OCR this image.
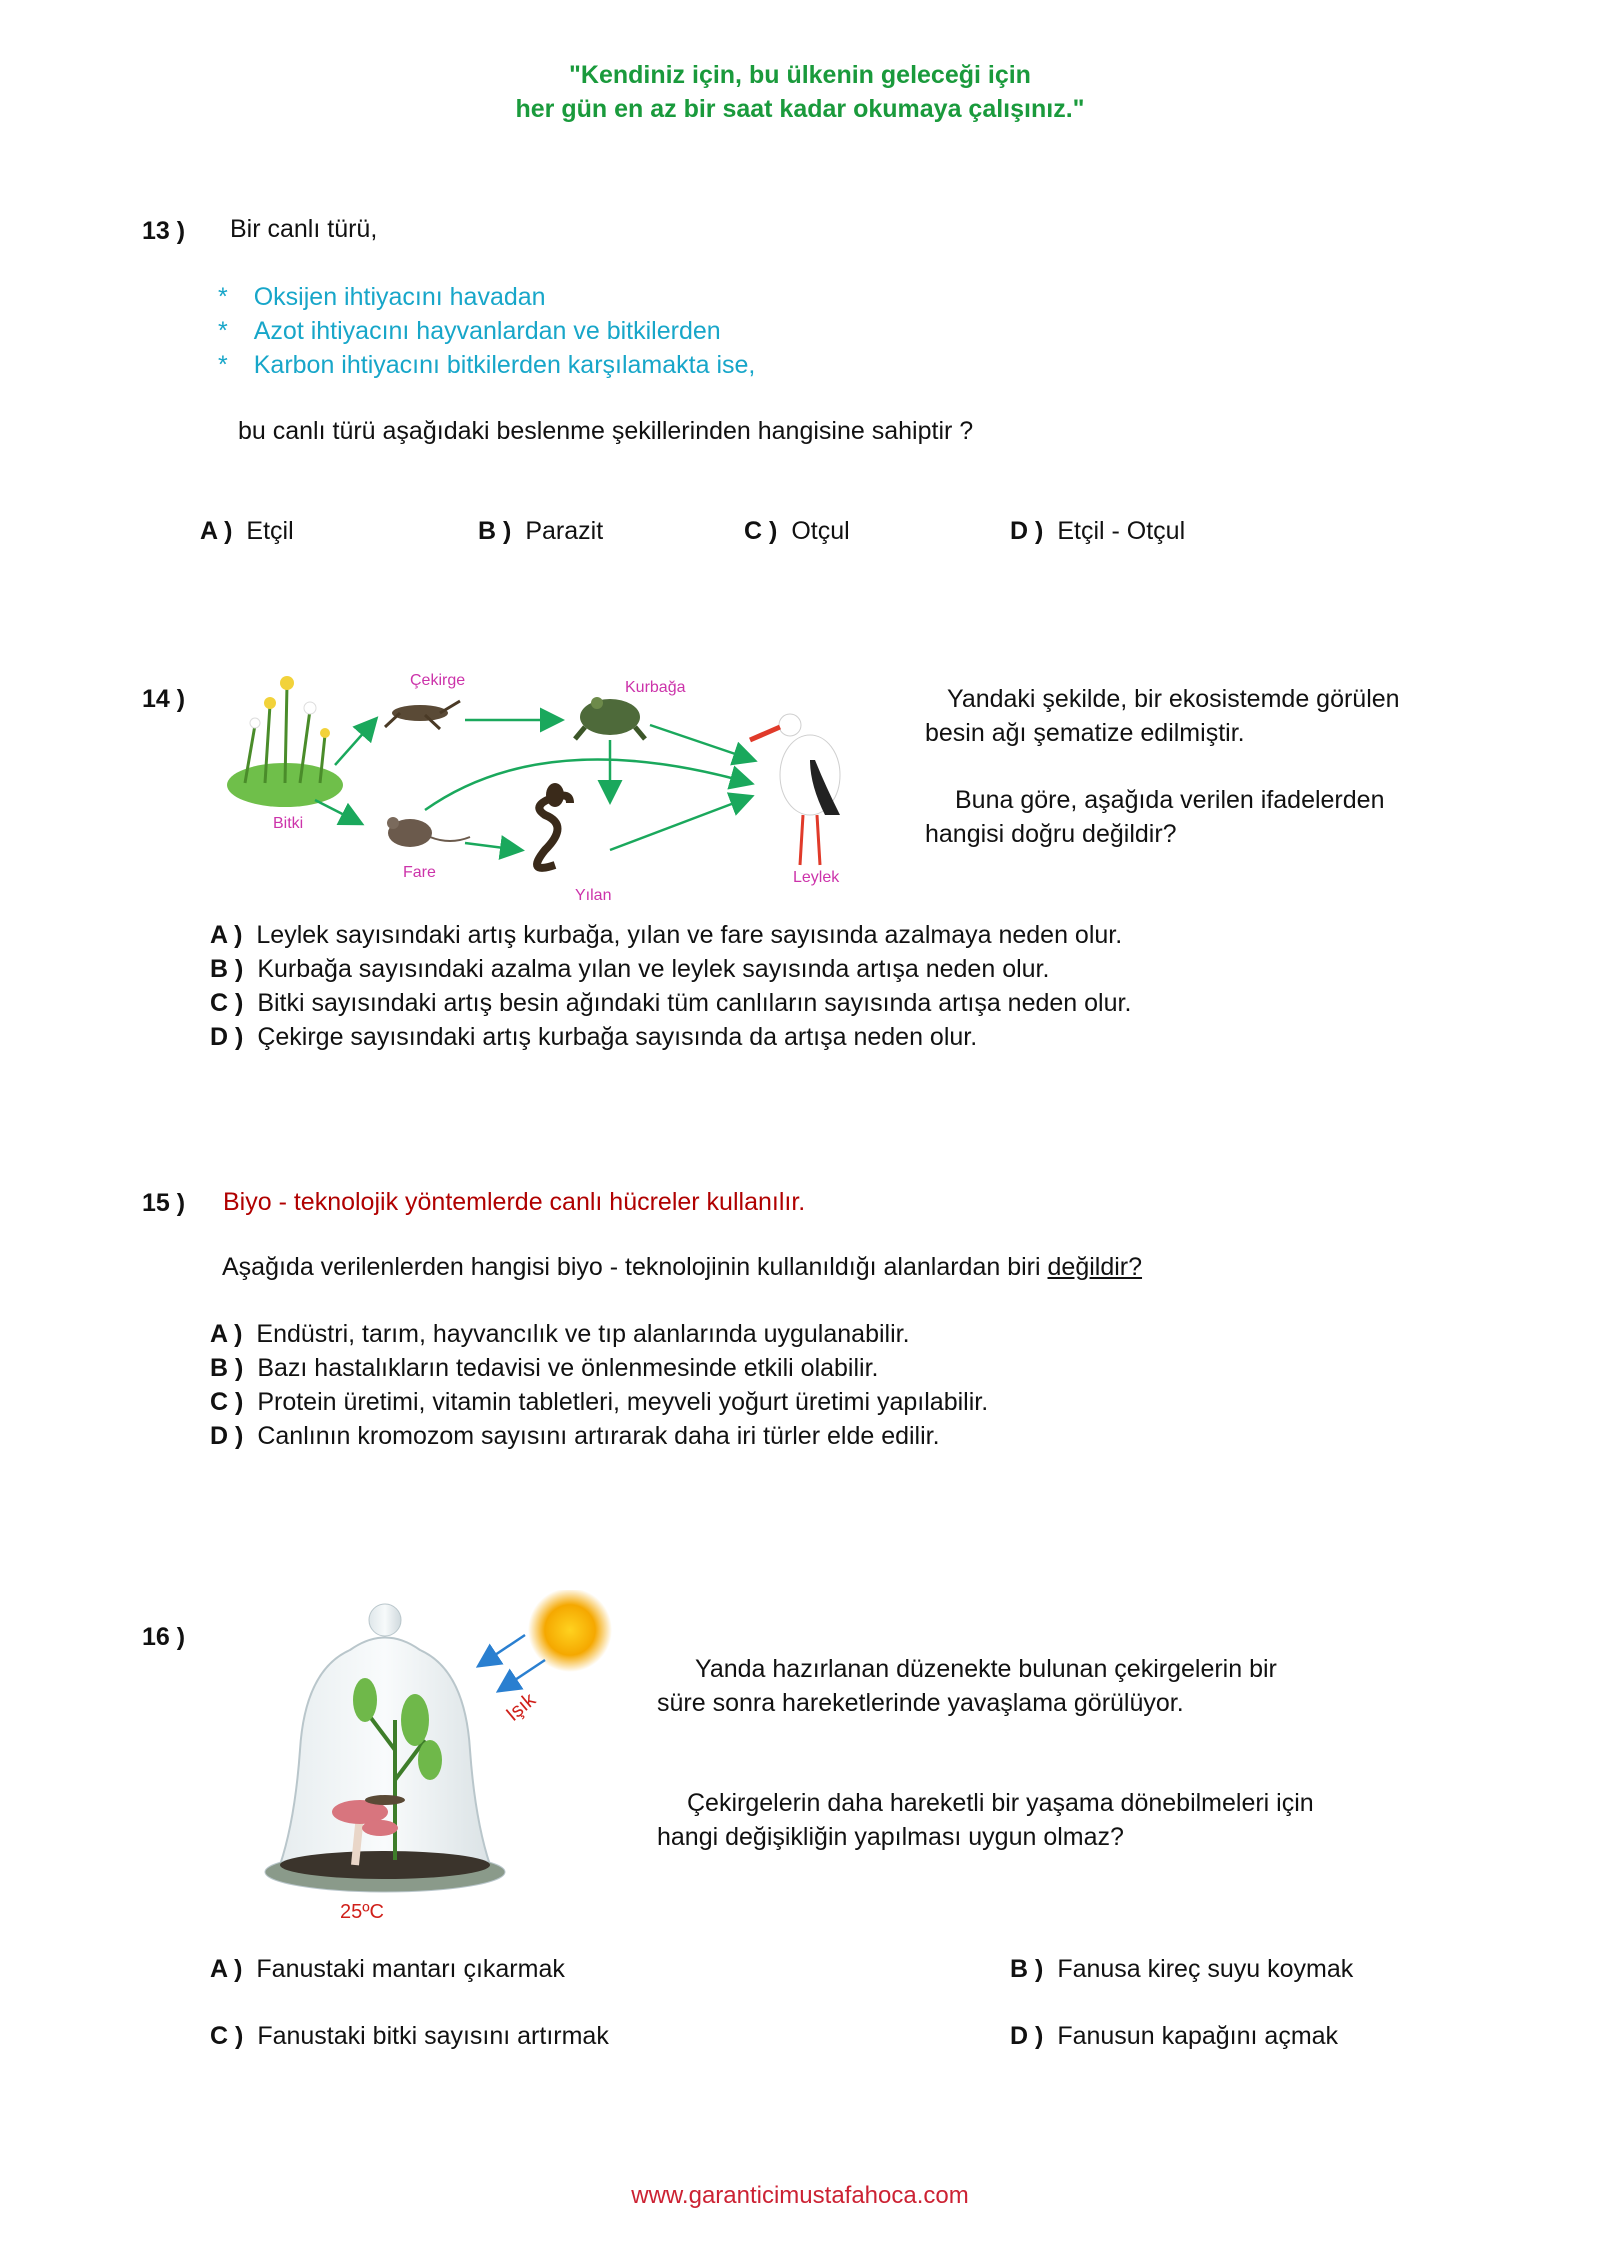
"Kendiniz için, bu ülkenin geleceği için
her gün en az bir saat kadar okumaya çalışınız."
13 ) Bir canlı türü,
* Oksijen ihtiyacını havadan
* Azot ihtiyacını hayvanlardan ve bitkilerden
* Karbon ihtiyacını bitkilerden karşılamakta ise,
bu canlı türü aşağıdaki beslenme şekillerinden hangisine sahiptir ?
A ) Etçil	B ) Parazit	C ) Otçul	D ) Etçil - Otçul
14 )
Çekirge	Kurbağa
Bitki
Fare
Yılan
Leylek
Yandaki şekilde, bir ekosistemde görülen
besin ağı şematize edilmiştir.
Buna göre, aşağıda verilen ifadelerden
hangisi doğru değildir?
A ) Leylek sayısındaki artış kurbağa, yılan ve fare sayısında azalmaya neden olur.
B ) Kurbağa sayısındaki azalma yılan ve leylek sayısında artışa neden olur.
C ) Bitki sayısındaki artış besin ağındaki tüm canlıların sayısında artışa neden olur.
D ) Çekirge sayısındaki artış kurbağa sayısında da artışa neden olur.
15 ) Biyo - teknolojik yöntemlerde canlı hücreler kullanılır.
Aşağıda verilenlerden hangisi biyo - teknolojinin kullanıldığı alanlardan biri değildir?
A ) Endüstri, tarım, hayvancılık ve tıp alanlarında uygulanabilir.
B ) Bazı hastalıkların tedavisi ve önlenmesinde etkili olabilir.
C ) Protein üretimi, vitamin tabletleri, meyveli yoğurt üretimi yapılabilir.
D ) Canlının kromozom sayısını artırarak daha iri türler elde edilir.
16 )
Işık
25ºC
Yanda hazırlanan düzenekte bulunan çekirgelerin bir
süre sonra hareketlerinde yavaşlama görülüyor.
Çekirgelerin daha hareketli bir yaşama dönebilmeleri için
hangi değişikliğin yapılması uygun olmaz?
A ) Fanustaki mantarı çıkarmak	B ) Fanusa kireç suyu koymak
C ) Fanustaki bitki sayısını artırmak	D ) Fanusun kapağını açmak
www.garanticimustafahoca.com
